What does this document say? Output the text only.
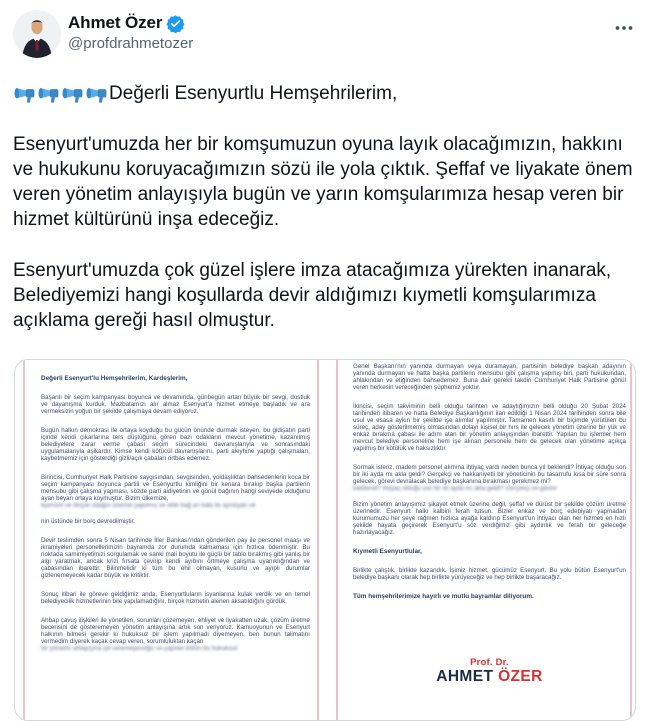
Ahmet Özer
@profdrahmetozer

Değerli Esenyurtlu Hemşehrilerim,

Esenyurt'umuzda her bir komşumuzun oyuna layık olacağımızın, hakkını ve hukukunu koruyacağımızın sözü ile yola çıktık. Şeffaf ve liyakate önem veren yönetim anlayışıyla bugün ve yarın komşularımıza hesap veren bir hizmet kültürünü inşa edeceğiz.

Esenyurt'umuzda çok güzel işlere imza atacağımıza yürekten inanarak, Belediyemizi hangi koşullarda devir aldığımızı kıymetli komşularımıza açıklama gereği hasıl olmuştur.

Değerli Esenyurt'lu Hemşehrilerim, Kardeşlerim,

Başarılı bir seçim kampanyası boyunca ve devamında, günbegün artan büyük bir sevgi, dostluk ve dayanışma kurduk. Mazbatamızı alır almaz Esenyurt'a hizmet etmeye başladık ve ara vermeksizin yoğun bir şekilde çalışmaya devam ediyoruz.

Bugün halkın demokrasi ile ortaya koyduğu bu gücün önünde durmak isteyen, bu gidişatın parti içinde kendi çıkarlarına ters düştüğünü gören bazı odakların mevcut yönetime, kazanılmış belediyelere zarar verme çabası seçim sürecindeki davranışlarıyla ve sonrasındaki uygulamalarıyla aşikardır. Kimse kendi kötücül davranışlarını, parti aleyhine yaptığı çalışmaları, kaybetmemiz için gösterdiği gizli/açık çabaları örtbas edemez.

Birincisi, Cumhuriyet Halk Partisine saygısından, sevgisinden, yoldaşlıktan bahsedenlerin koca bir seçim kampanyası boyunca partili ve Esenyurtlu kimliğini bir kenara bırakıp başka partilerin mensubu gibi çalışma yapması, sözde parti aidiyetinin ve gönül bağının hangi seviyede olduğunu ayan beyan ortaya koymuştur. Bizim ülkemize,

ilçemize ve birçok odağın üzerine yapılmış ve elde bağ an hala ile aynılıyan ve

nin üstünde bir borç devredilmiştir.

Devir teslimden sonra 5 Nisan tarihinde İller Bankası'ndan gönderilen pay ile personel maaşı ve ikramiyeleri personellerimizin bayramda zor durumda kalmaması için hızlıca ödenmiştir. Bu noktada samimiyetimizi sorgulamak ve sanki mali boyutu ile güçlü bir tablo bırakmış gibi yanlış bir algı yaratmak, ancak krizi fırsata çevirip kendi ayıbını örtmeye çalışma uyanıklığından ve çabasından ibarettir. Bilinmelidir ki tüm bu ehil olmayan, kusurlu ve ayıplı durumlar gizlenemeyecek kadar büyük ve kritiktir.

Sonuç itibari ile göreve geldiğimiz anda, Esenyurtluların isyanlarına kulak verdik ve en temel belediyecilik hizmetlerinin bile yapılamadığını, birçok hizmetin alenen aksatıldığını gördük.

Ahbap çavuş ilişkileri ile yönetilen, sorunları çözemeyen, ehliyet ve liyakatten uzak, çözüm üretme becerisini de gösteremeyen yönetim anlayışına artık son veriyoruz. Kamuoyunun ve Esenyurt halkının bilmesi gerekir ki hukuksuz bir işlem yapılmadı diyemeyen, ben bunun talimatını vermedim diyerek kaçak cevap veren, sorumluluktan kaçan

bir yönetim anlayışına işe veremeyeceğiz ve yapılan bütün bu hukuksuz

Genel Başkanı'nın yanında durmayan veya duramayan, partisinin belediye başkan adayının yanında durmayan ve hatta başka partilerin mensubu gibi çalışma yapmış biri, parti hukukundan, ahlakından ve etiğinden bahsedemez. Buna dair gerekli takdiri Cumhuriyet Halk Partisine gönül veren herkesin vereceğinden şüphemiz yoktur.

İkincisi, seçim takviminin belli olduğu tarihten ve adaylığımızın belli olduğu 20 Şubat 2024 tarihinden itibaren ve hatta Belediye Başkanlığının ilan edildiği 1 Nisan 2024 tarihinden sonra bile usul ve esasa aykırı bir şekilde işe alımlar yapılmıştır. Tamamen kasıtlı bir biçimde yürütülen bu süreç, aday gösterilmemiş olmasından dolayı kişisel bir hırs ile gelecek yönetim üzerine bir yük ve enkaz bırakma çabası ile adım atan bir yönetim anlayışından ibarettir. Yapılan bu işlemler hem mevcut belediye personeline hem işe alınan personele hem de gelecek olan yönetime açıkça yapılmış bir kötülük ve haksızlıktır.

Sormak isteriz, madem personel alımına ihtiyaç vardı neden bunca yıl beklendi? İhtiyaç olduğu son bir iki ayda mı akla geldi? Gerçekçi ve hakkaniyetli bir yöneticinin bu tasarrufu kısa bir süre sonra gelecek, görevi devralacak belediye başkanına bırakması gerekmez mi?

bekilendi? İhtiyaç olduğu son bir iki ayda mı akla geldi? Gerçekçi ve görevi

Bizim yönetim anlayışımız şikayet etmek üzerine değil, şeffaf ve dürüst bir şekilde çözüm üretme üzerinedir. Esenyurt halkı kalbini ferah tutsun. Bizler enkaz ve borç edebiyatı yapmadan kurumumuzu her şeye rağmen hızlıca ayağa kaldırıp Esenyurt'un ihtiyacı olan her hizmeti en hızlı şekilde hayata geçirerek Esenyurt'u söz verdiğimiz gibi aydınlık ve ferah bir geleceğe hazırlayacağız.

Kıymetli Esenyurtlular,

Birlikte çalıştık, birlikte kazandık. İşimiz hizmet, gücümüz Esenyurt. Bu yolu bütün Esenyurt'un belediye başkanı olarak hep birlikte yürüyeceğiz ve hep birlikte başaracağız.

Tüm hemşehrilerimize hayırlı ve mutlu bayramlar diliyorum.

Prof. Dr.
AHMET ÖZER
